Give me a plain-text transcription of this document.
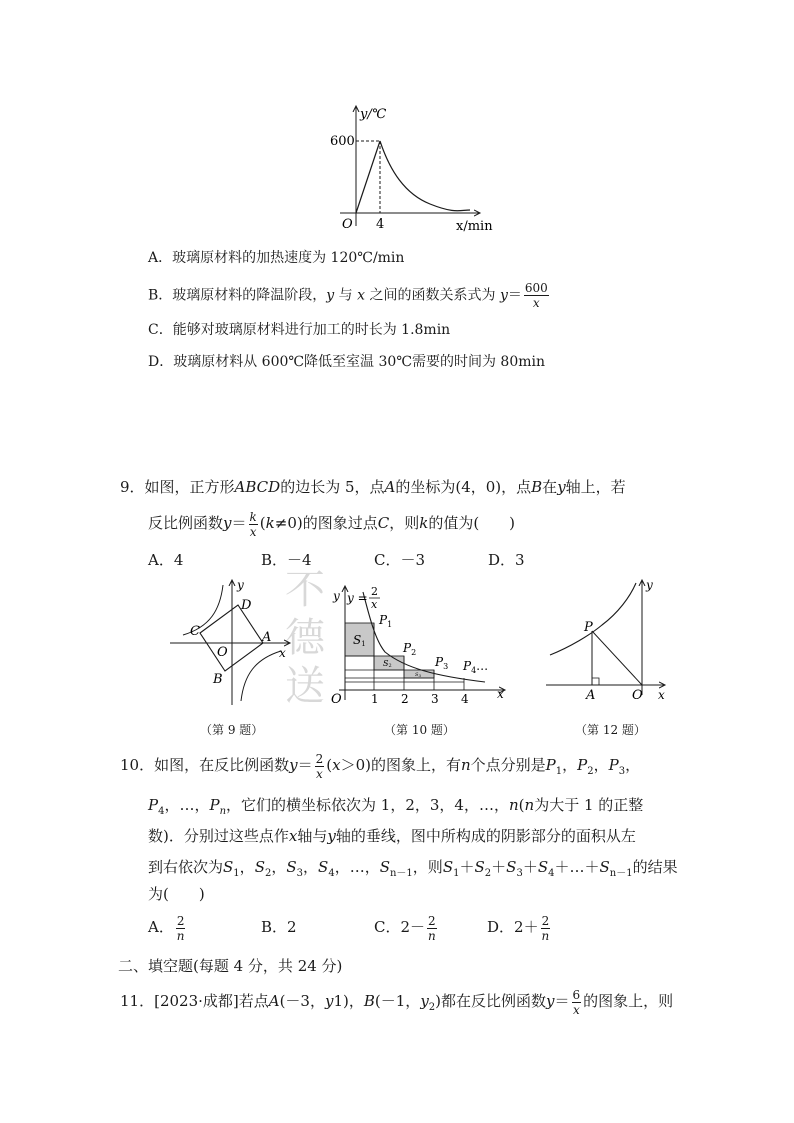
y/℃
600
O 4	x/min
A．玻璃原材料的加热速度为 120℃/min
B．玻璃原材料的降温阶段，y 与 x 之间的函数关系式为 $y= \frac{600}{x}$
C．能够对玻璃原材料进行加工的时长为 1.8min
D．玻璃原材料从 600℃降低至室温 30℃需要的时间为 80min
9．如图，正方形ABCD的边长为 5，点A的坐标为(4，0)，点B在y轴上，若
反比例函数$y= \frac{k}{x} (k\ne 0)$的图象过点C，则k的值为(　　)
A．4	B．－4	C．－3	D．3
不
德
送
y
D
C	A
O	x
B
（第 9 题）
y y = 2
x
$P_1$
$P_2$
$P_3$ $P_4\dots$
S1
S2
$S_3$
O 1 2 3 4 x
（第 10 题）
P
y
A	O x
（第 12 题）
10．如图，在反比例函数$y= \frac{2}{x} (x>0)$的图象上，有n个点分别是$P_1$，$P_2$，$P_3$，
$P_4$，…，$P_n$，它们的横坐标依次为 1，2，3，4，…，n(n为大于 1 的正整
数)．分别过这些点作x轴与y轴的垂线，图中所构成的阴影部分的面积从左
到右依次为$S_1$，$S_2$，$S_3$，$S_4$，…，$S_{n-1}$，则$S_1+S_2+S_3+S_4+\dots+S_{n-1}$的结果
为(　　)
A． $\frac{2}{n}$	B．2	C．$2- \frac{2}{n}$	D．$2+ \frac{2}{n}$
二、填空题(每题 4 分，共 24 分)
11．[2023·成都]若点A(－3，y1)，B(－1，$y_2$)都在反比例函数$y= \frac{6}{x}$ 的图象上，则
